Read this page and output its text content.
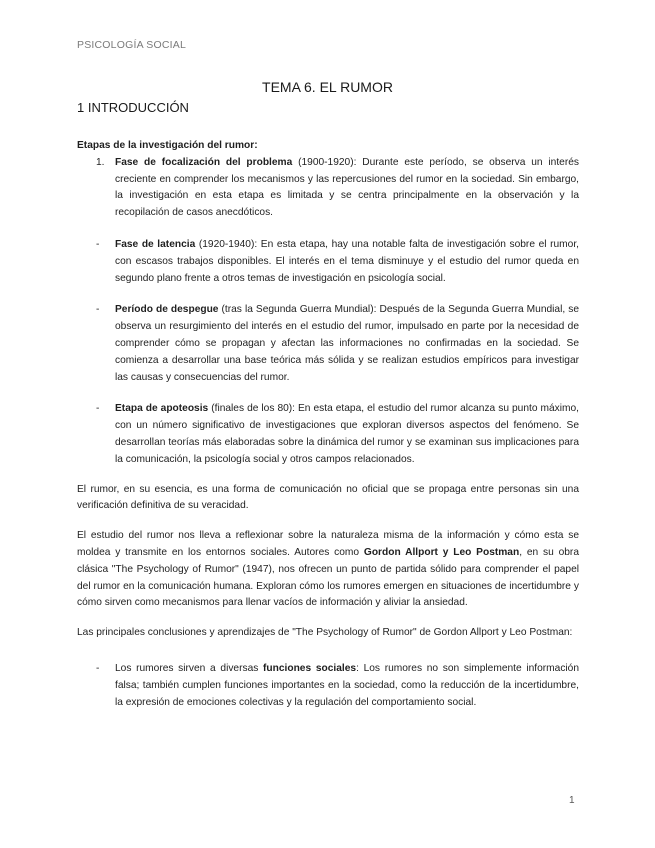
PSICOLOGÍA SOCIAL
TEMA 6. EL RUMOR
1 INTRODUCCIÓN

Etapas de la investigación del rumor:

1.	Fase de focalización del problema (1900-1920): Durante este período, se observa un interés creciente en comprender los mecanismos y las repercusiones del rumor en la sociedad. Sin embargo, la investigación en esta etapa es limitada y se centra principalmente en la observación y la recopilación de casos anecdóticos.
-	Fase de latencia (1920-1940): En esta etapa, hay una notable falta de investigación sobre el rumor, con escasos trabajos disponibles. El interés en el tema disminuye y el estudio del rumor queda en segundo plano frente a otros temas de investigación en psicología social.
-	Período de despegue (tras la Segunda Guerra Mundial): Después de la Segunda Guerra Mundial, se observa un resurgimiento del interés en el estudio del rumor, impulsado en parte por la necesidad de comprender cómo se propagan y afectan las informaciones no confirmadas en la sociedad. Se comienza a desarrollar una base teórica más sólida y se realizan estudios empíricos para investigar las causas y consecuencias del rumor.
-	Etapa de apoteosis (finales de los 80): En esta etapa, el estudio del rumor alcanza su punto máximo, con un número significativo de investigaciones que exploran diversos aspectos del fenómeno. Se desarrollan teorías más elaboradas sobre la dinámica del rumor y se examinan sus implicaciones para la comunicación, la psicología social y otros campos relacionados.

El rumor, en su esencia, es una forma de comunicación no oficial que se propaga entre personas sin una verificación definitiva de su veracidad.

El estudio del rumor nos lleva a reflexionar sobre la naturaleza misma de la información y cómo esta se moldea y transmite en los entornos sociales. Autores como Gordon Allport y Leo Postman, en su obra clásica "The Psychology of Rumor" (1947), nos ofrecen un punto de partida sólido para comprender el papel del rumor en la comunicación humana. Exploran cómo los rumores emergen en situaciones de incertidumbre y cómo sirven como mecanismos para llenar vacíos de información y aliviar la ansiedad.

Las principales conclusiones y aprendizajes de "The Psychology of Rumor" de Gordon Allport y Leo Postman:

-	Los rumores sirven a diversas funciones sociales: Los rumores no son simplemente información falsa; también cumplen funciones importantes en la sociedad, como la reducción de la incertidumbre, la expresión de emociones colectivas y la regulación del comportamiento social.
1
